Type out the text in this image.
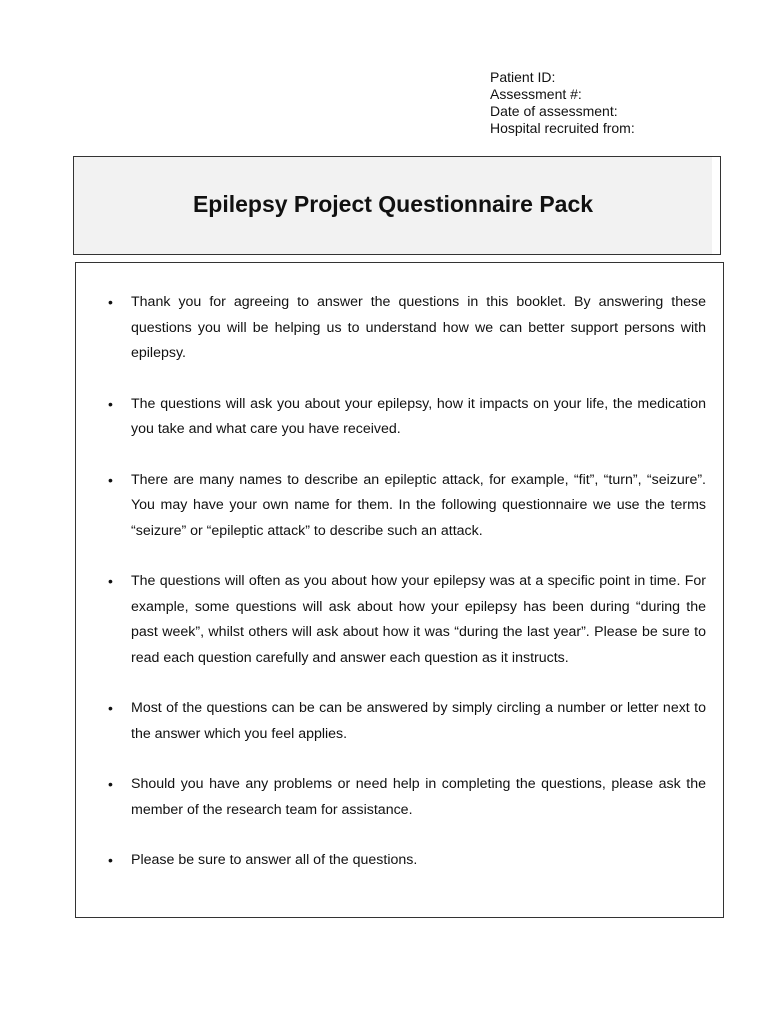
Patient ID:
Assessment #:
Date of assessment:
Hospital recruited from:
Epilepsy Project Questionnaire Pack
• Thank you for agreeing to answer the questions in this booklet. By answering these questions you will be helping us to understand how we can better support persons with epilepsy.
• The questions will ask you about your epilepsy, how it impacts on your life, the medication you take and what care you have received.
• There are many names to describe an epileptic attack, for example, “fit”, “turn”, “seizure”. You may have your own name for them. In the following questionnaire we use the terms “seizure” or “epileptic attack” to describe such an attack.
• The questions will often as you about how your epilepsy was at a specific point in time. For example, some questions will ask about how your epilepsy has been during “during the past week”, whilst others will ask about how it was “during the last year”. Please be sure to read each question carefully and answer each question as it instructs.
• Most of the questions can be can be answered by simply circling a number or letter next to the answer which you feel applies.
• Should you have any problems or need help in completing the questions, please ask the member of the research team for assistance.
• Please be sure to answer all of the questions.
